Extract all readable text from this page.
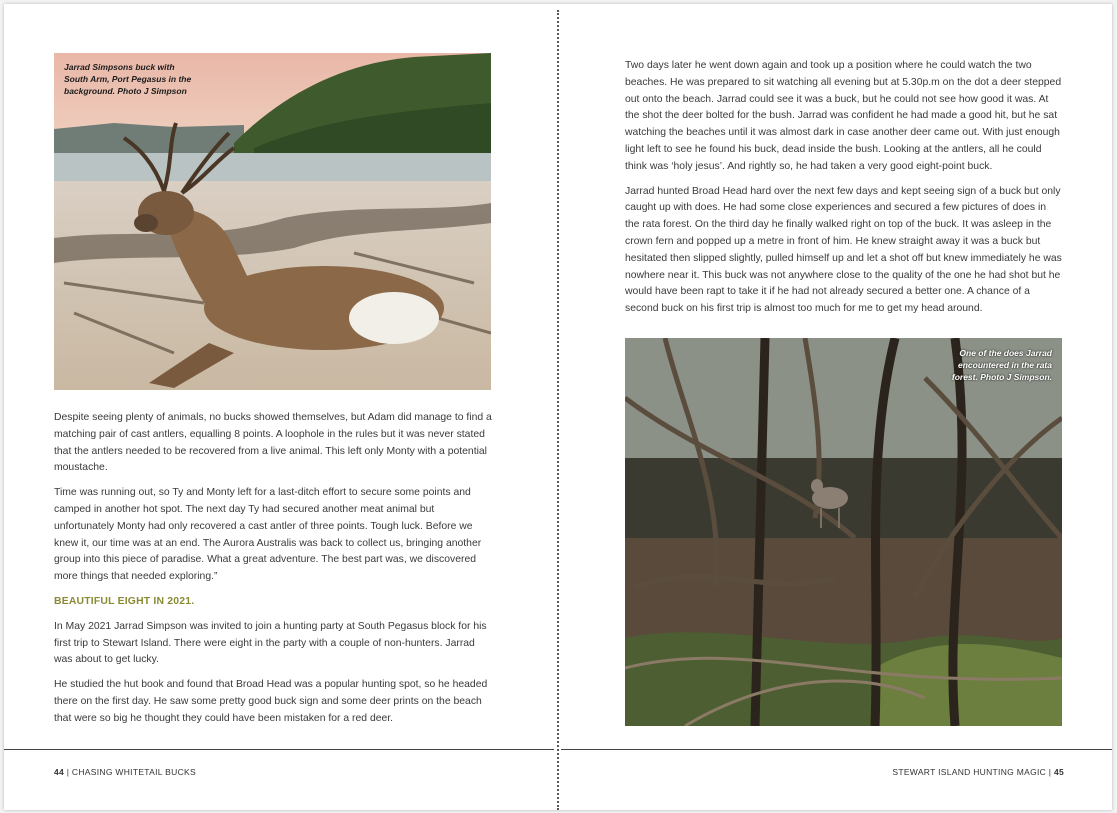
Jarrad Simpsons buck with South Arm, Port Pegasus in the background. Photo J Simpson

Despite seeing plenty of animals, no bucks showed themselves, but Adam did manage to find a matching pair of cast antlers, equalling 8 points. A loophole in the rules but it was never stated that the antlers needed to be recovered from a live animal. This left only Monty with a potential moustache.

Time was running out, so Ty and Monty left for a last-ditch effort to secure some points and camped in another hot spot. The next day Ty had secured another meat animal but unfortunately Monty had only recovered a cast antler of three points. Tough luck. Before we knew it, our time was at an end. The Aurora Australis was back to collect us, bringing another group into this piece of paradise. What a great adventure. The best part was, we discovered more things that needed exploring.”

BEAUTIFUL EIGHT IN 2021.

In May 2021 Jarrad Simpson was invited to join a hunting party at South Pegasus block for his first trip to Stewart Island. There were eight in the party with a couple of non-hunters. Jarrad was about to get lucky.

He studied the hut book and found that Broad Head was a popular hunting spot, so he headed there on the first day. He saw some pretty good buck sign and some deer prints on the beach that were so big he thought they could have been mistaken for a red deer.

44 | CHASING WHITETAIL BUCKS

Two days later he went down again and took up a position where he could watch the two beaches. He was prepared to sit watching all evening but at 5.30p.m on the dot a deer stepped out onto the beach. Jarrad could see it was a buck, but he could not see how good it was. At the shot the deer bolted for the bush. Jarrad was confident he had made a good hit, but he sat watching the beaches until it was almost dark in case another deer came out. With just enough light left to see he found his buck, dead inside the bush. Looking at the antlers, all he could think was ‘holy jesus’. And rightly so, he had taken a very good eight-point buck.

Jarrad hunted Broad Head hard over the next few days and kept seeing sign of a buck but only caught up with does. He had some close experiences and secured a few pictures of does in the rata forest. On the third day he finally walked right on top of the buck. It was asleep in the crown fern and popped up a metre in front of him. He knew straight away it was a buck but hesitated then slipped slightly, pulled himself up and let a shot off but knew immediately he was nowhere near it. This buck was not anywhere close to the quality of the one he had shot but he would have been rapt to take it if he had not already secured a better one. A chance of a second buck on his first trip is almost too much for me to get my head around.

One of the does Jarrad encountered in the rata forest. Photo J Simpson.
STEWART ISLAND HUNTING MAGIC | 45
